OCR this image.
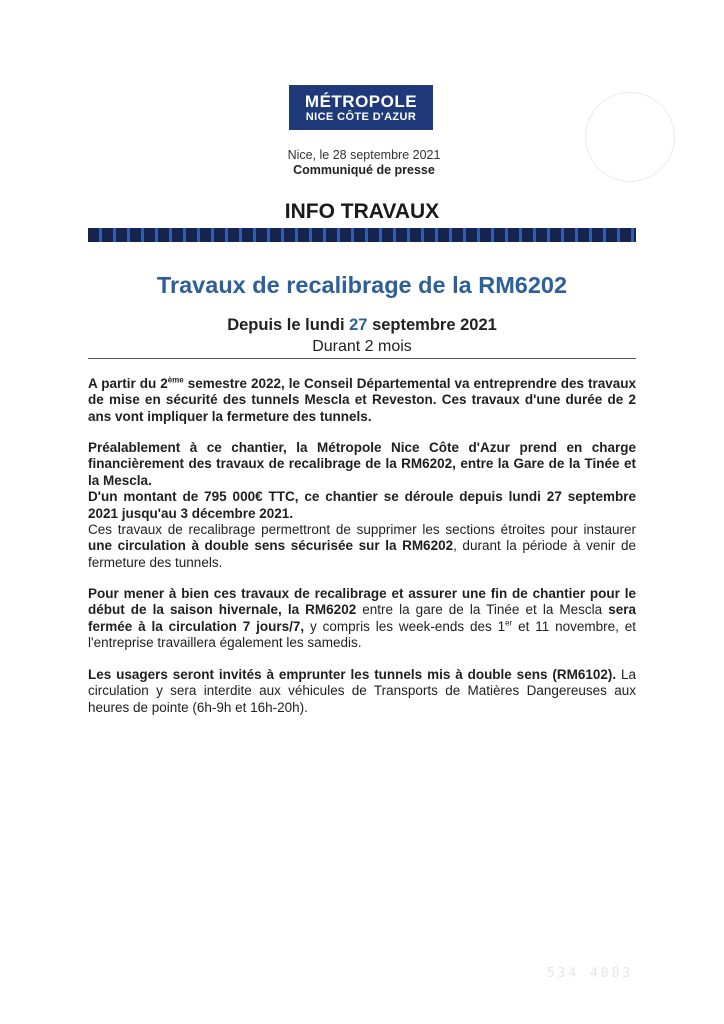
MÉTROPOLE
NICE CÔTE D'AZUR
Nice, le 28 septembre 2021
Communiqué de presse
INFO TRAVAUX
Travaux de recalibrage de la RM6202
Depuis le lundi 27 septembre 2021
Durant 2 mois

A partir du 2ème semestre 2022, le Conseil Départemental va entreprendre des travaux de mise en sécurité des tunnels Mescla et Reveston. Ces travaux d'une durée de 2 ans vont impliquer la fermeture des tunnels.

Préalablement à ce chantier, la Métropole Nice Côte d'Azur prend en charge financièrement des travaux de recalibrage de la RM6202, entre la Gare de la Tinée et la Mescla.
D'un montant de 795 000€ TTC, ce chantier se déroule depuis lundi 27 septembre 2021 jusqu'au 3 décembre 2021.
Ces travaux de recalibrage permettront de supprimer les sections étroites pour instaurer une circulation à double sens sécurisée sur la RM6202, durant la période à venir de fermeture des tunnels.

Pour mener à bien ces travaux de recalibrage et assurer une fin de chantier pour le début de la saison hivernale, la RM6202 entre la gare de la Tinée et la Mescla sera fermée à la circulation 7 jours/7, y compris les week-ends des 1er et 11 novembre, et l'entreprise travaillera également les samedis.

Les usagers seront invités à emprunter les tunnels mis à double sens (RM6102). La circulation y sera interdite aux véhicules de Transports de Matières Dangereuses aux heures de pointe (6h-9h et 16h-20h).

534 4083
